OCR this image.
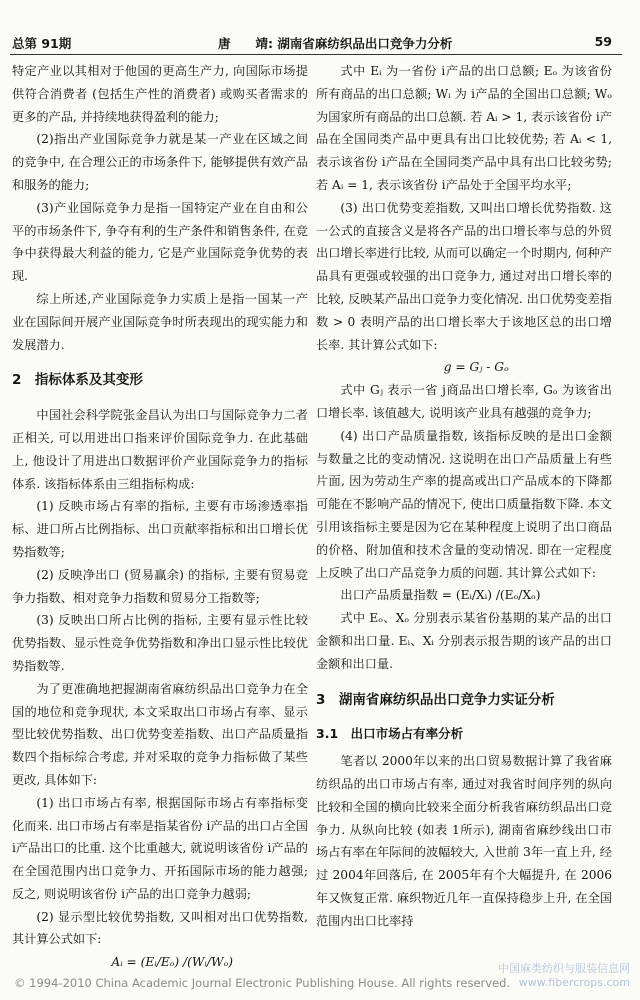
总第 91期	唐　　靖: 湖南省麻纺织品出口竞争力分析	59

特定产业以其相对于他国的更高生产力, 向国际市场提供符合消费者 (包括生产性的消费者) 或购买者需求的更多的产品, 并持续地获得盈利的能力;

(2)指出产业国际竞争力就是某一产业在区域之间的竞争中, 在合理公正的市场条件下, 能够提供有效产品和服务的能力;

(3)产业国际竞争力是指一国特定产业在自由和公平的市场条件下, 争夺有利的生产条件和销售条件, 在竞争中获得最大利益的能力, 它是产业国际竞争优势的表现.

综上所述,产业国际竞争力实质上是指一国某一产业在国际间开展产业国际竞争时所表现出的现实能力和发展潜力.

2　指标体系及其变形

中国社会科学院张金昌认为出口与国际竞争力二者正相关, 可以用进出口指来评价国际竞争力. 在此基础上, 他设计了用进出口数据评价产业国际竞争力的指标体系. 该指标体系由三组指标构成:

(1) 反映市场占有率的指标, 主要有市场渗透率指标、进口所占比例指标、出口贡献率指标和出口增长优势指数等;

(2) 反映净出口 (贸易赢余) 的指标, 主要有贸易竞争力指数、相对竞争力指数和贸易分工指数等;

(3) 反映出口所占比例的指标, 主要有显示性比较优势指数、显示性竞争优势指数和净出口显示性比较优势指数等.

为了更准确地把握湖南省麻纺织品出口竞争力在全国的地位和竞争现状, 本文采取出口市场占有率、显示型比较优势指数、出口优势变差指数、出口产品质量指数四个指标综合考虑, 并对采取的竞争力指标做了某些更改, 具体如下:

(1) 出口市场占有率, 根据国际市场占有率指标变化而来. 出口市场占有率是指某省份 i产品的出口占全国 i产品出口的比重. 这个比重越大, 就说明该省份 i产品的在全国范围内出口竞争力、开拓国际市场的能力越强; 反之, 则说明该省份 i产品的出口竞争力越弱;

(2) 显示型比较优势指数, 又叫相对出口优势指数, 其计算公式如下:

Aᵢ = (Eᵢ/Eₒ) /(Wᵢ/Wₒ)

式中 Eᵢ 为一省份 i产品的出口总额; Eₒ 为该省份所有商品的出口总额; Wᵢ 为 i产品的全国出口总额; Wₒ 为国家所有商品的出口总额. 若 Aᵢ > 1, 表示该省份 i产品在全国同类产品中更具有出口比较优势; 若 Aᵢ < 1, 表示该省份 i产品在全国同类产品中具有出口比较劣势; 若 Aᵢ = 1, 表示该省份 i产品处于全国平均水平;

(3) 出口优势变差指数, 又叫出口增长优势指数. 这一公式的直接含义是将各产品的出口增长率与总的外贸出口增长率进行比较, 从而可以确定一个时期内, 何种产品具有更强或较强的出口竞争力, 通过对出口增长率的比较, 反映某产品出口竞争力变化情况. 出口优势变差指数 > 0 表明产品的出口增长率大于该地区总的出口增长率. 其计算公式如下:

g = Gⱼ - Gₒ

式中 Gⱼ 表示一省 j商品出口增长率, Gₒ 为该省出口增长率. 该值越大, 说明该产业具有越强的竞争力;

(4) 出口产品质量指数, 该指标反映的是出口金额与数量之比的变动情况. 这说明在出口产品质量上有些片面, 因为劳动生产率的提高或出口产品成本的下降都可能在不影响产品的情况下, 使出口质量指数下降. 本文引用该指标主要是因为它在某种程度上说明了出口商品的价格、附加值和技术含量的变动情况. 即在一定程度上反映了出口产品竞争力质的问题. 其计算公式如下:

出口产品质量指数 = (Eᵢ/Xᵢ) /(Eₒ/Xₒ)

式中 Eₒ、Xₒ 分别表示某省份基期的某产品的出口金额和出口量. Eᵢ、Xᵢ 分别表示报告期的该产品的出口金额和出口量.

3　湖南省麻纺织品出口竞争力实证分析
3.1　出口市场占有率分析

笔者以 2000年以来的出口贸易数据计算了我省麻纺织品的出口市场占有率, 通过对我省时间序列的纵向比较和全国的横向比较来全面分析我省麻纺织品出口竞争力. 从纵向比较 (如表 1所示), 湖南省麻纱线出口市场占有率在年际间的波幅较大, 入世前 3年一直上升, 经过 2004年回落后, 在 2005年有个大幅提升, 在 2006年又恢复正常. 麻织物近几年一直保持稳步上升, 在全国范围内出口比率持

© 1994-2010 China Academic Journal Electronic Publishing House. All rights reserved.
中国麻类纺织与服装信息网
www.fibercrops.com
